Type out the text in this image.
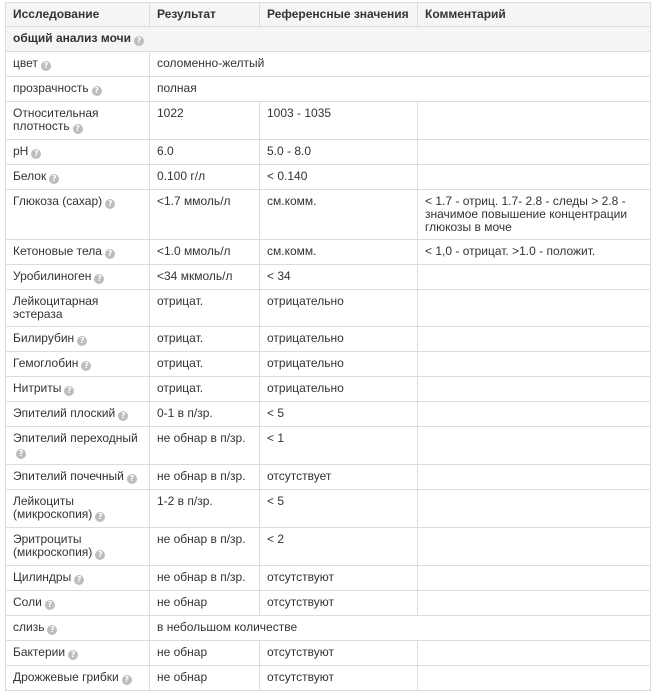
Исследование	Результат	Референсные значения	Комментарий
общий анализ мочи ?			
цвет ?	соломенно-желтый		
прозрачность ?	полная		
Относительная плотность ?	1022	1003 - 1035	
pH ?	6.0	5.0 - 8.0	
Белок ?	0.100 г/л	< 0.140	
Глюкоза (сахар) ?	<1.7 ммоль/л	см.комм.	< 1.7 - отриц. 1.7- 2.8 - следы > 2.8 - значимое повышение концентрации глюкозы в моче
Кетоновые тела ?	<1.0 ммоль/л	см.комм.	< 1,0 - отрицат. >1.0 - положит.
Уробилиноген ?	<34 мкмоль/л	< 34	
Лейкоцитарная эстераза	отрицат.	отрицательно	
Билирубин ?	отрицат.	отрицательно	
Гемоглобин ?	отрицат.	отрицательно	
Нитриты ?	отрицат.	отрицательно	
Эпителий плоский ?	0-1 в п/зр.	< 5	
Эпителий переходный?	не обнар в п/зр.	< 1	
Эпителий почечный ?	не обнар в п/зр.	отсутствует	
Лейкоциты (микроскопия) ?	1-2 в п/зр.	< 5	
Эритроциты (микроскопия) ?	не обнар в п/зр.	< 2	
Цилиндры ?	не обнар в п/зр.	отсутствуют	
Соли ?	не обнар	отсутствуют	
слизь ?	в небольшом количестве		
Бактерии ?	не обнар	отсутствуют	
Дрожжевые грибки ?	не обнар	отсутствуют	
